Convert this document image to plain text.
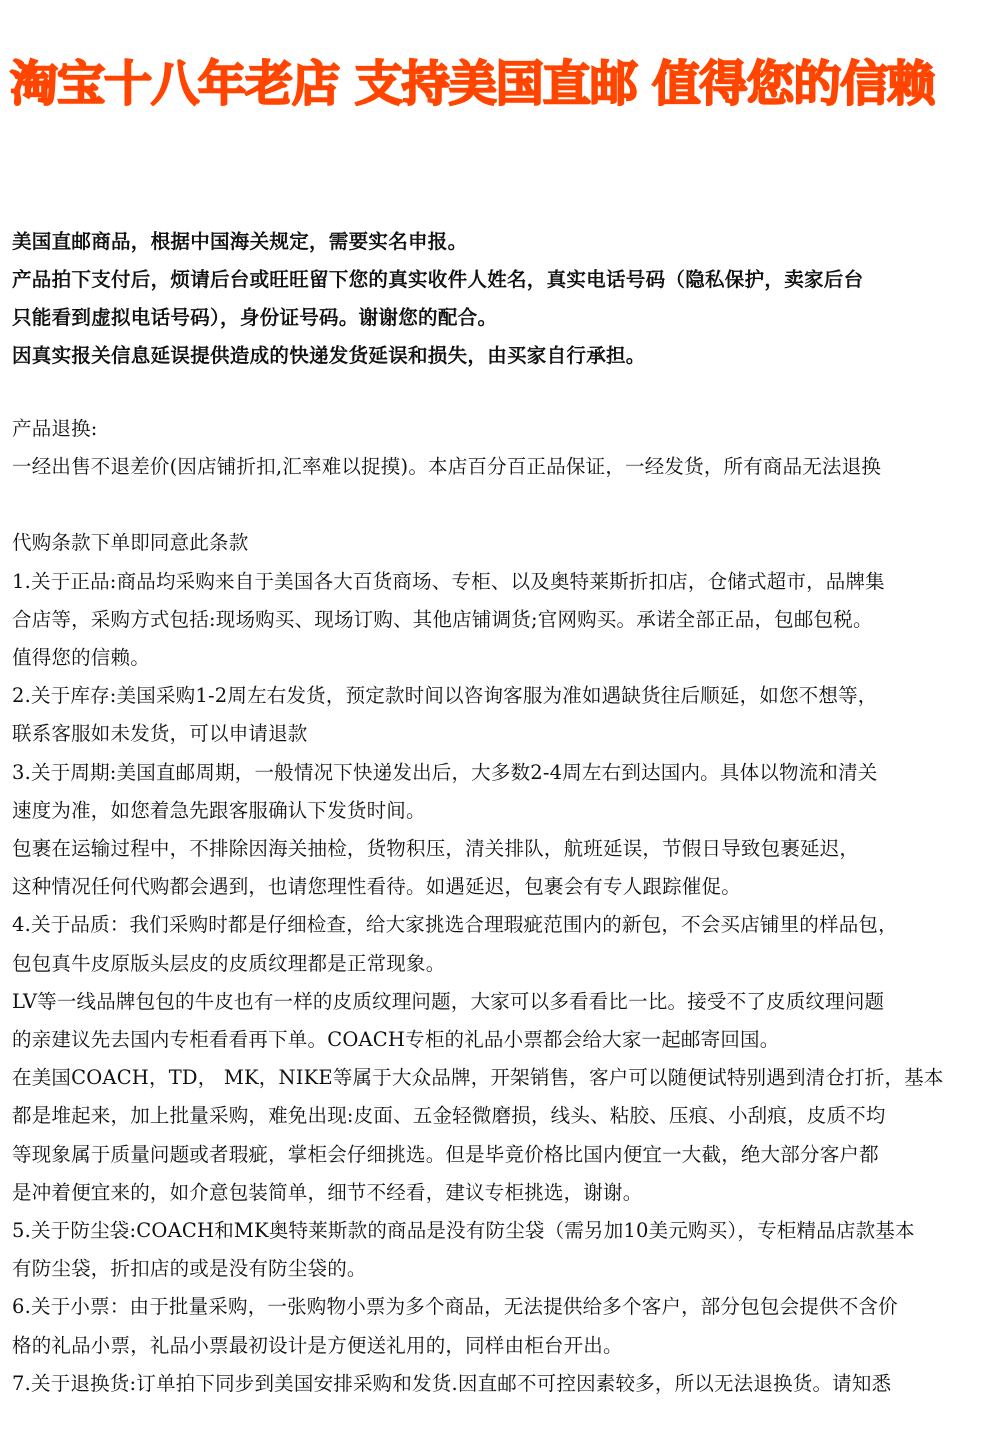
淘宝十八年老店 支持美国直邮 值得您的信赖

美国直邮商品，根据中国海关规定，需要实名申报。

产品拍下支付后，烦请后台或旺旺留下您的真实收件人姓名，真实电话号码（隐私保护，卖家后台

只能看到虚拟电话号码），身份证号码。谢谢您的配合。

因真实报关信息延误提供造成的快递发货延误和损失，由买家自行承担。

产品退换:

一经出售不退差价(因店铺折扣,汇率难以捉摸)。本店百分百正品保证，一经发货，所有商品无法退换

代购条款下单即同意此条款

1.关于正品:商品均采购来自于美国各大百货商场、专柜、以及奥特莱斯折扣店，仓储式超市，品牌集

合店等，采购方式包括:现场购买、现场订购、其他店铺调货;官网购买。承诺全部正品，包邮包税。

值得您的信赖。

2.关于库存:美国采购1-2周左右发货，预定款时间以咨询客服为准如遇缺货往后顺延，如您不想等，

联系客服如未发货，可以申请退款

3.关于周期:美国直邮周期，一般情况下快递发出后，大多数2-4周左右到达国内。具体以物流和清关

速度为准，如您着急先跟客服确认下发货时间。

包裹在运输过程中，不排除因海关抽检，货物积压，清关排队，航班延误，节假日导致包裹延迟，

这种情况任何代购都会遇到，也请您理性看待。如遇延迟，包裹会有专人跟踪催促。

4.关于品质：我们采购时都是仔细检查，给大家挑选合理瑕疵范围内的新包，不会买店铺里的样品包，

包包真牛皮原版头层皮的皮质纹理都是正常现象。

LV等一线品牌包包的牛皮也有一样的皮质纹理问题，大家可以多看看比一比。接受不了皮质纹理问题

的亲建议先去国内专柜看看再下单。COACH专柜的礼品小票都会给大家一起邮寄回国。

在美国COACH，TD， MK，NIKE等属于大众品牌，开架销售，客户可以随便试特别遇到清仓打折，基本

都是堆起来，加上批量采购，难免出现:皮面、五金轻微磨损，线头、粘胶、压痕、小刮痕，皮质不均

等现象属于质量问题或者瑕疵，掌柜会仔细挑选。但是毕竟价格比国内便宜一大截，绝大部分客户都

是冲着便宜来的，如介意包装简单，细节不经看，建议专柜挑选，谢谢。

5.关于防尘袋:COACH和MK奥特莱斯款的商品是没有防尘袋（需另加10美元购买），专柜精品店款基本

有防尘袋，折扣店的或是没有防尘袋的。

6.关于小票：由于批量采购，一张购物小票为多个商品，无法提供给多个客户，部分包包会提供不含价

格的礼品小票，礼品小票最初设计是方便送礼用的，同样由柜台开出。

7.关于退换货:订单拍下同步到美国安排采购和发货.因直邮不可控因素较多，所以无法退换货。请知悉
